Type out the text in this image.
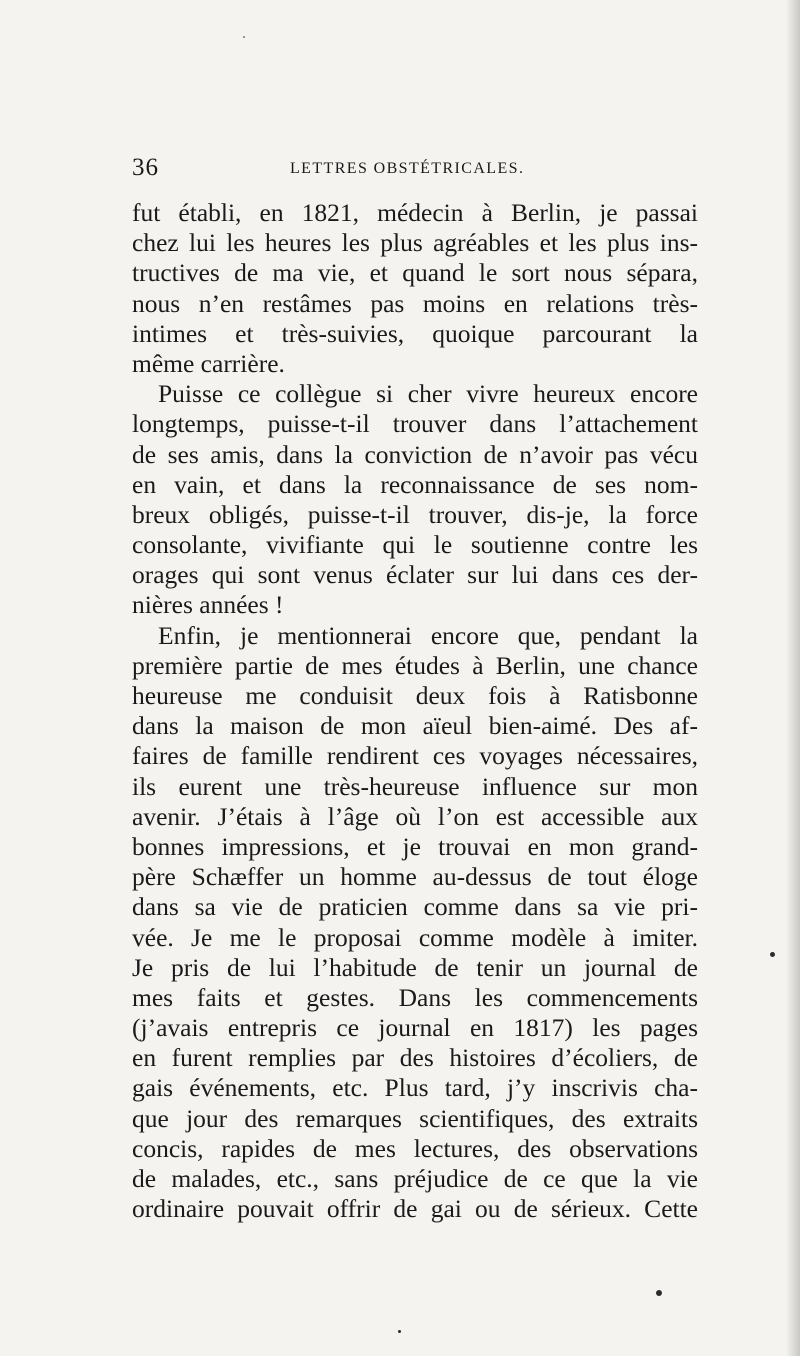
36	LETTRES OBSTÉTRICALES.
fut établi, en 1821, médecin à Berlin, je passai
chez lui les heures les plus agréables et les plus ins-
tructives de ma vie, et quand le sort nous sépara,
nous n’en restâmes pas moins en relations très-
intimes et très-suivies, quoique parcourant la
même carrière.
Puisse ce collègue si cher vivre heureux encore
longtemps, puisse-t-il trouver dans l’attachement
de ses amis, dans la conviction de n’avoir pas vécu
en vain, et dans la reconnaissance de ses nom-
breux obligés, puisse-t-il trouver, dis-je, la force
consolante, vivifiante qui le soutienne contre les
orages qui sont venus éclater sur lui dans ces der-
nières années !
Enfin, je mentionnerai encore que, pendant la
première partie de mes études à Berlin, une chance
heureuse me conduisit deux fois à Ratisbonne
dans la maison de mon aïeul bien-aimé. Des af-
faires de famille rendirent ces voyages nécessaires,
ils eurent une très-heureuse influence sur mon
avenir. J’étais à l’âge où l’on est accessible aux
bonnes impressions, et je trouvai en mon grand-
père Schæffer un homme au-dessus de tout éloge
dans sa vie de praticien comme dans sa vie pri-
vée. Je me le proposai comme modèle à imiter.
Je pris de lui l’habitude de tenir un journal de
mes faits et gestes. Dans les commencements
(j’avais entrepris ce journal en 1817) les pages
en furent remplies par des histoires d’écoliers, de
gais événements, etc. Plus tard, j’y inscrivis cha-
que jour des remarques scientifiques, des extraits
concis, rapides de mes lectures, des observations
de malades, etc., sans préjudice de ce que la vie
ordinaire pouvait offrir de gai ou de sérieux. Cette
